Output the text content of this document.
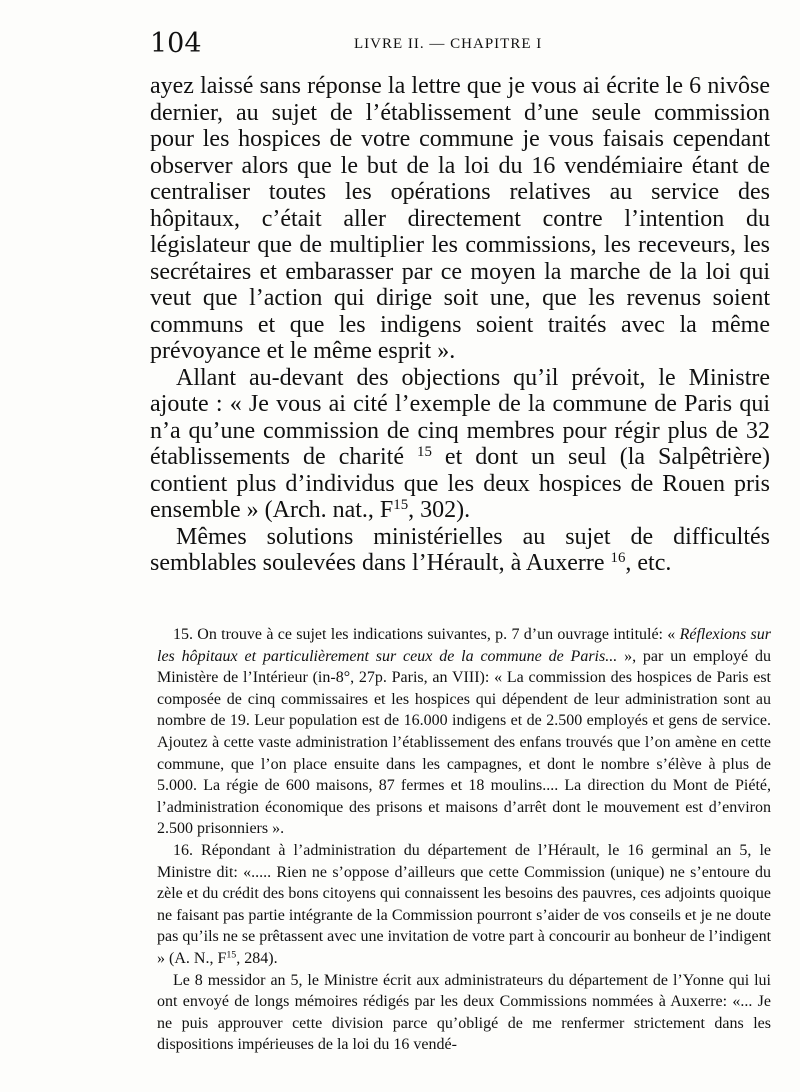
104	LIVRE II. — CHAPITRE I

ayez laissé sans réponse la lettre que je vous ai écrite le 6 nivôse dernier, au sujet de l’établissement d’une seule commission pour les hospices de votre commune je vous faisais cependant observer alors que le but de la loi du 16 vendémiaire étant de centraliser toutes les opérations relatives au service des hôpitaux, c’était aller directement contre l’intention du législateur que de multiplier les commissions, les receveurs, les secrétaires et embarasser par ce moyen la marche de la loi qui veut que l’action qui dirige soit une, que les revenus soient communs et que les indigens soient traités avec la même prévoyance et le même esprit ».

Allant au-devant des objections qu’il prévoit, le Ministre ajoute : « Je vous ai cité l’exemple de la commune de Paris qui n’a qu’une commission de cinq membres pour régir plus de 32 établissements de charité $^{15}$ et dont un seul (la Salpêtrière) contient plus d’individus que les deux hospices de Rouen pris ensemble » (Arch. nat., $F^{15}$, 302).

Mêmes solutions ministérielles au sujet de difficultés semblables soulevées dans l’Hérault, à Auxerre $^{16}$, etc.

15. On trouve à ce sujet les indications suivantes, p. 7 d’un ouvrage intitulé: « Réflexions sur les hôpitaux et particulièrement sur ceux de la commune de Paris... », par un employé du Ministère de l’Intérieur (in-8°, 27p. Paris, an VIII): « La commission des hospices de Paris est composée de cinq commissaires et les hospices qui dépendent de leur administration sont au nombre de 19. Leur population est de 16.000 indigens et de 2.500 employés et gens de service. Ajoutez à cette vaste administration l’établissement des enfans trouvés que l’on amène en cette commune, que l’on place ensuite dans les campagnes, et dont le nombre s’élève à plus de 5.000. La régie de 600 maisons, 87 fermes et 18 moulins.... La direction du Mont de Piété, l’administration économique des prisons et maisons d’arrêt dont le mouvement est d’environ 2.500 prisonniers ».

16. Répondant à l’administration du département de l’Hérault, le 16 germinal an 5, le Ministre dit: «..... Rien ne s’oppose d’ailleurs que cette Commission (unique) ne s’entoure du zèle et du crédit des bons citoyens qui connaissent les besoins des pauvres, ces adjoints quoique ne faisant pas partie intégrante de la Commission pourront s’aider de vos conseils et je ne doute pas qu’ils ne se prêtassent avec une invitation de votre part à concourir au bonheur de l’indigent » (A. N., $F^{15}$, 284).

Le 8 messidor an 5, le Ministre écrit aux administrateurs du département de l’Yonne qui lui ont envoyé de longs mémoires rédigés par les deux Commissions nommées à Auxerre: «... Je ne puis approuver cette division parce qu’obligé de me renfermer strictement dans les dispositions impérieuses de la loi du 16 vendé-
